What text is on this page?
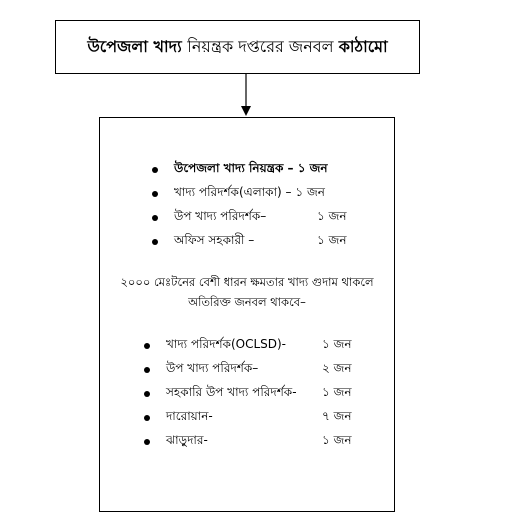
উপেজলা খাদ্য নিয়ন্ত্রক দপ্তরের জনবল কাঠামো
উপেজলা খাদ্য নিয়ন্ত্রক – ১ জন
খাদ্য পরিদর্শক(এলাকা) – ১ জন
উপ খাদ্য পরিদর্শক–	১ জন
অফিস সহকারী –	১ জন
২০০০ মেঃটনের বেশী ধারন ক্ষমতার খাদ্য গুদাম থাকলে
অতিরিক্ত জনবল থাকবে–
খাদ্য পরিদর্শক(OCLSD)-	১ জন
উপ খাদ্য পরিদর্শক–	২ জন
সহকারি উপ খাদ্য পরিদর্শক- ১ জন
দারোয়ান-	৭ জন
ঝাড়ুদার-	১ জন
